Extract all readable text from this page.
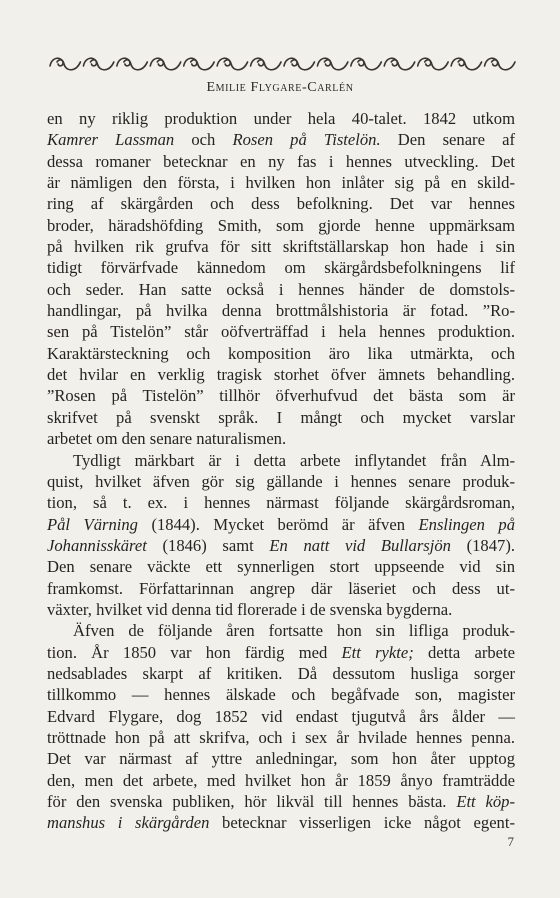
Emilie Flygare-Carlén
en ny riklig produktion under hela 40-talet. 1842 utkom
Kamrer Lassman och Rosen på Tistelön. Den senare af
dessa romaner betecknar en ny fas i hennes utveckling. Det
är nämligen den första, i hvilken hon inlåter sig på en skild-
ring af skärgården och dess befolkning. Det var hennes
broder, häradshöfding Smith, som gjorde henne uppmärksam
på hvilken rik grufva för sitt skriftställarskap hon hade i sin
tidigt förvärfvade kännedom om skärgårdsbefolkningens lif
och seder. Han satte också i hennes händer de domstols-
handlingar, på hvilka denna brottmålshistoria är fotad. ”Ro-
sen på Tistelön” står oöfverträffad i hela hennes produktion.
Karaktärsteckning och komposition äro lika utmärkta, och
det hvilar en verklig tragisk storhet öfver ämnets behandling.
”Rosen på Tistelön” tillhör öfverhufvud det bästa som är
skrifvet på svenskt språk. I mångt och mycket varslar
arbetet om den senare naturalismen.
Tydligt märkbart är i detta arbete inflytandet från Alm-
quist, hvilket äfven gör sig gällande i hennes senare produk-
tion, så t. ex. i hennes närmast följande skärgårdsroman,
Pål Värning (1844). Mycket berömd är äfven Enslingen på
Johannisskäret (1846) samt En natt vid Bullarsjön (1847).
Den senare väckte ett synnerligen stort uppseende vid sin
framkomst. Författarinnan angrep där läseriet och dess ut-
växter, hvilket vid denna tid florerade i de svenska bygderna.
Äfven de följande åren fortsatte hon sin lifliga produk-
tion. År 1850 var hon färdig med Ett rykte; detta arbete
nedsablades skarpt af kritiken. Då dessutom husliga sorger
tillkommo — hennes älskade och begåfvade son, magister
Edvard Flygare, dog 1852 vid endast tjugutvå års ålder —
tröttnade hon på att skrifva, och i sex år hvilade hennes penna.
Det var närmast af yttre anledningar, som hon åter upptog
den, men det arbete, med hvilket hon år 1859 ånyo framträdde
för den svenska publiken, hör likväl till hennes bästa. Ett köp-
manshus i skärgården betecknar visserligen icke något egent-
7
